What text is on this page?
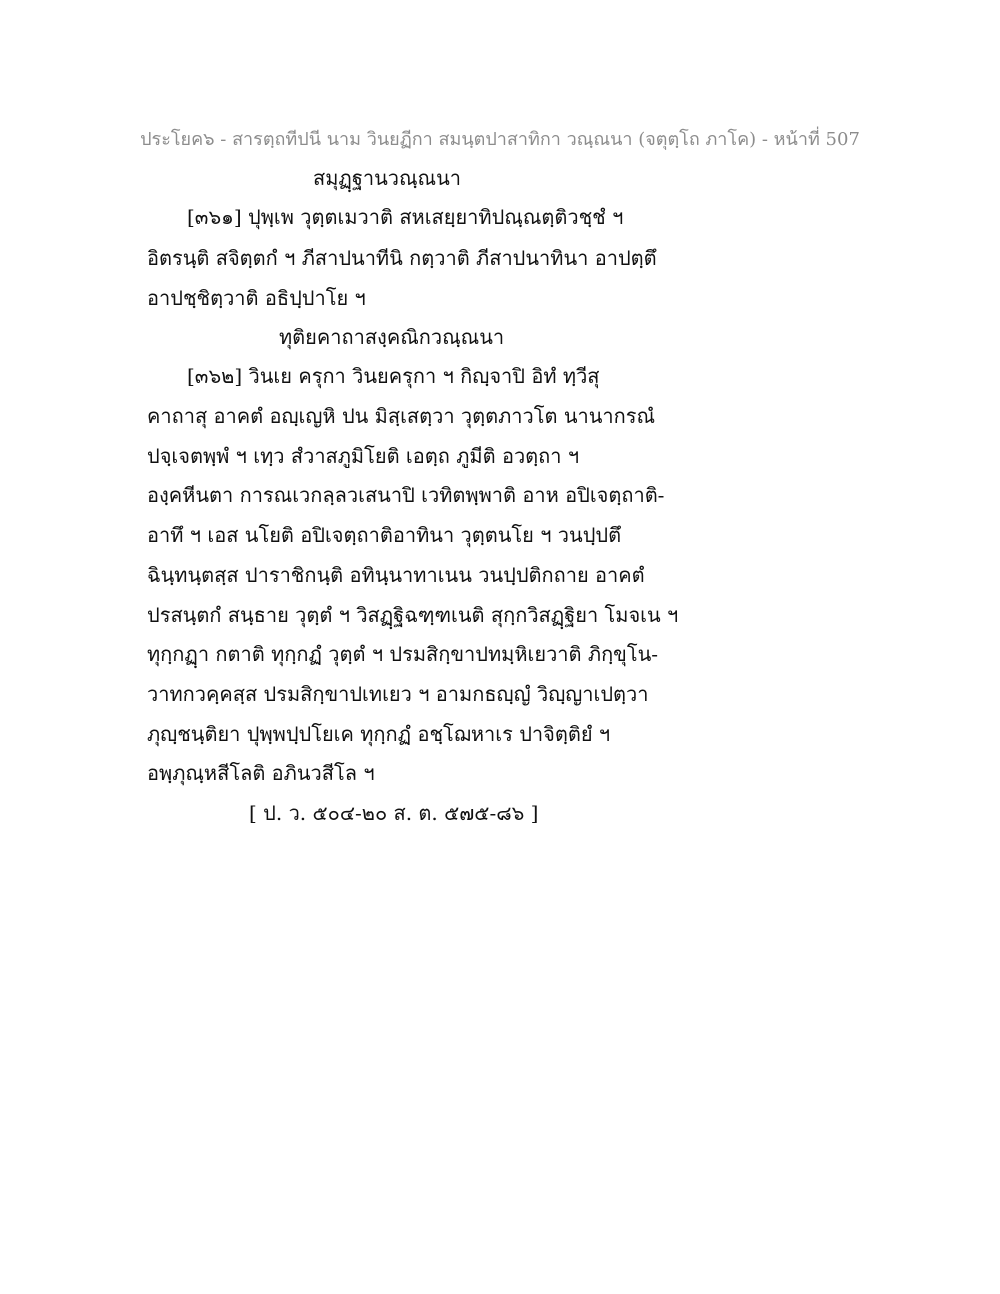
ประโยค๖ - สารตฺถทีปนี นาม วินยฏีกา สมนฺตปาสาทิกา วณฺณนา (จตุตฺโถ ภาโค) - หน้าที่ 507
สมุฏฺฐานวณฺณนา
[๓๖๑] ปุพฺเพ วุตฺตเมวาติ สหเสยฺยาทิปณฺณตฺติวชฺชํ ฯ
อิตรนฺติ สจิตฺตกํ ฯ ภีสาปนาทีนิ กตฺวาติ ภีสาปนาทินา อาปตฺตึ
อาปชฺชิตฺวาติ อธิปฺปาโย ฯ
ทุติยคาถาสงฺคณิกวณฺณนา
[๓๖๒] วินเย ครุกา วินยครุกา ฯ กิญฺจาปิ อิทํ ทฺวีสุ
คาถาสุ อาคตํ อญฺเญหิ ปน มิสฺเสตฺวา วุตฺตภาวโต นานากรณํ
ปจฺเจตพฺพํ ฯ เทฺว สํวาสภูมิโยติ เอตฺถ ภูมีติ อวตฺถา ฯ
องฺคหีนตา การณเวกลฺลวเสนาปิ เวทิตพฺพาติ อาห อปิเจตฺถาติ-
อาทึ ฯ เอส นโยติ อปิเจตฺถาติอาทินา วุตฺตนโย ฯ วนปฺปตึ
ฉินฺทนฺตสฺส ปาราชิกนฺติ อทินฺนาทาเนน วนปฺปติกถาย อาคตํ
ปรสนฺตกํ สนฺธาย วุตฺตํ ฯ วิสฏฺฐิฉฑฺฑเนติ สุกฺกวิสฏฺฐิยา โมจเน ฯ
ทุกฺกฏฺา กตาติ ทุกฺกฏํ วุตฺตํ ฯ ปรมสิกฺขาปทมฺหิเยวาติ ภิกฺขุโน-
วาทกวคฺคสฺส ปรมสิกฺขาปเทเยว ฯ อามกธญฺญํ วิญฺญาเปตฺวา
ภุญฺชนฺติยา ปุพฺพปฺปโยเค ทุกฺกฏํ อชฺโฌหาเร ปาจิตฺติยํ ฯ
อพฺภุณฺหสีโลติ อภินวสีโล ฯ
[ ป. ว. ๕๐๔-๒๐ ส. ต. ๕๗๕-๘๖ ]
